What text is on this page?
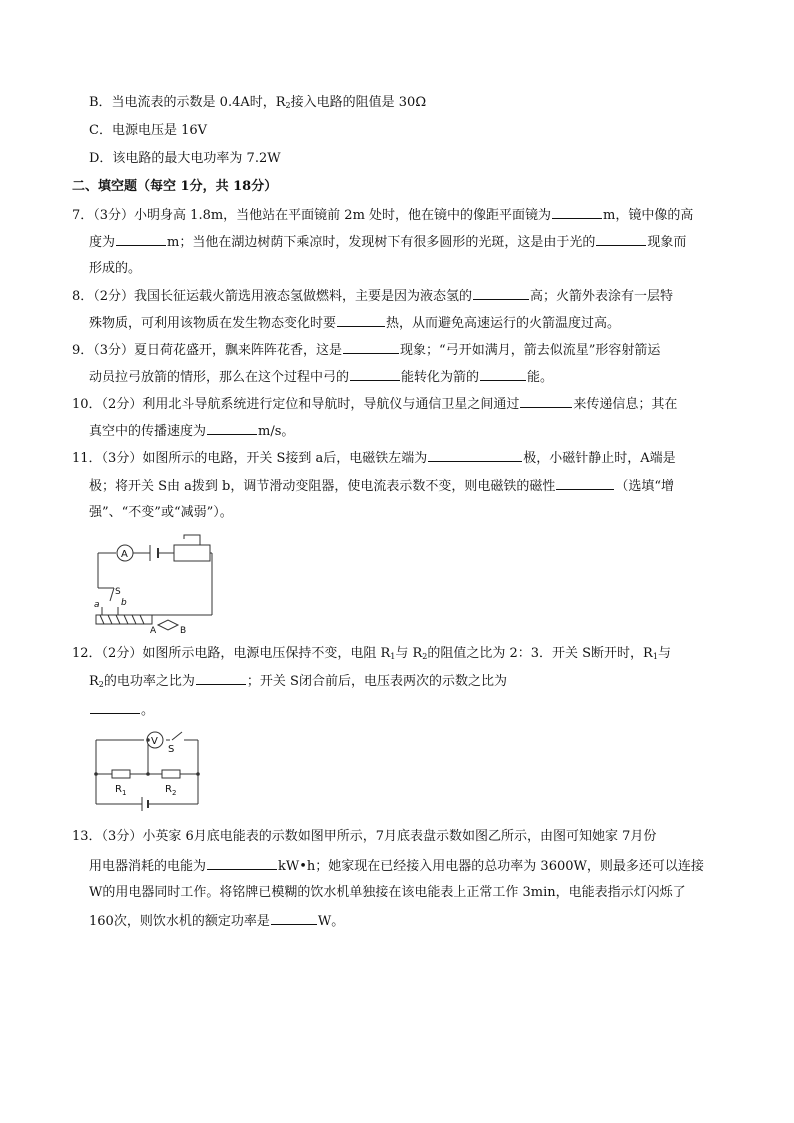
B．当电流表的示数是 0.4A时，$R_2$接入电路的阻值是 30Ω
C．电源电压是 16V
D．该电路的最大电功率为 7.2W
二、填空题（每空 1分，共 18分）
7．（3分）小明身高 1.8m，当他站在平面镜前 2m 处时，他在镜中的像距平面镜为	m，镜中像的高
度为	m；当他在湖边树荫下乘凉时，发现树下有很多圆形的光斑，这是由于光的	现象而
形成的。
8．（2分）我国长征运载火箭选用液态氢做燃料，主要是因为液态氢的	高；火箭外表涂有一层特
殊物质，可利用该物质在发生物态变化时要	热，从而避免高速运行的火箭温度过高。
9．（3分）夏日荷花盛开，飘来阵阵花香，这是	现象；“弓开如满月，箭去似流星”形容射箭运
动员拉弓放箭的情形，那么在这个过程中弓的	能转化为箭的	能。
10．（2分）利用北斗导航系统进行定位和导航时，导航仪与通信卫星之间通过	来传递信息；其在
真空中的传播速度为	m/s。
11．（3分）如图所示的电路，开关 S接到 a后，电磁铁左端为	极，小磁针静止时，A端是
极；将开关 S由 a拨到 b，调节滑动变阻器，使电流表示数不变，则电磁铁的磁性	（选填“增
强”、“不变”或“减弱”）。
A
S
a b
A	B
12．（2分）如图所示电路，电源电压保持不变，电阻 $R_1$与 $R_2$的阻值之比为 2：3．开关 S断开时，$R_1$与
$R_2$的电功率之比为	；开关 S闭合前后，电压表两次的示数之比为
。
V
S
$R_1$	$R_2$
13．（3分）小英家 6月底电能表的示数如图甲所示，7月底表盘示数如图乙所示，由图可知她家 7月份
用电器消耗的电能为	kW•h；她家现在已经接入用电器的总功率为 3600W，则最多还可以连接
W的用电器同时工作。将铭牌已模糊的饮水机单独接在该电能表上正常工作 3min，电能表指示灯闪烁了
160次，则饮水机的额定功率是	W。
